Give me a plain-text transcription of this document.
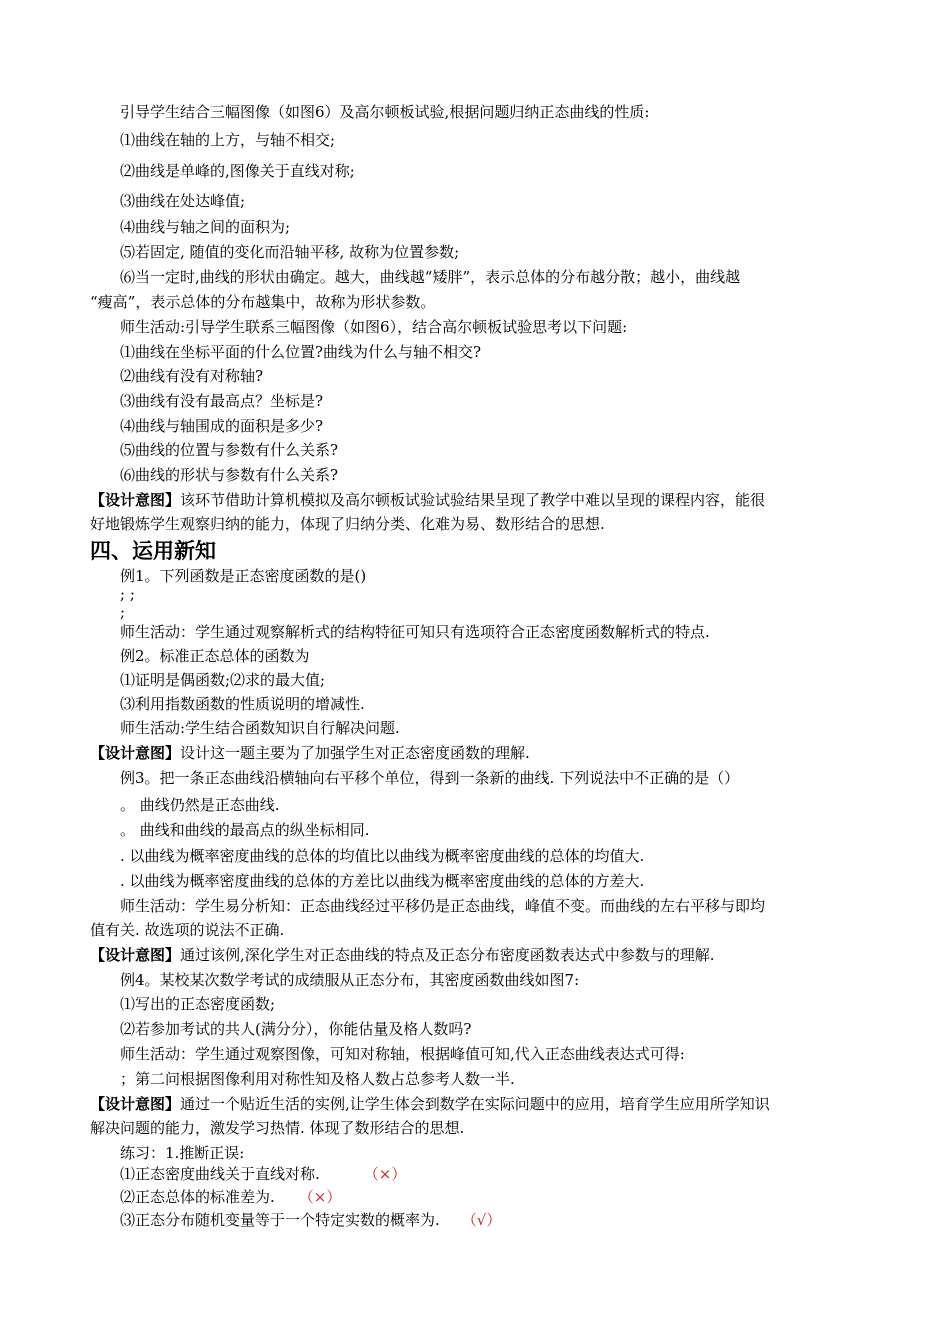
引导学生结合三幅图像（如图6）及高尔顿板试验,根据问题归纳正态曲线的性质:
⑴曲线在轴的上方，与轴不相交;
⑵曲线是单峰的,图像关于直线对称;
⑶曲线在处达峰值;
⑷曲线与轴之间的面积为;
⑸若固定, 随值的变化而沿轴平移, 故称为位置参数;
⑹当一定时,曲线的形状由确定。越大，曲线越“矮胖”，表示总体的分布越分散；越小，曲线越
“瘦高”，表示总体的分布越集中，故称为形状参数。
师生活动:引导学生联系三幅图像（如图6），结合高尔顿板试验思考以下问题:
⑴曲线在坐标平面的什么位置?曲线为什么与轴不相交?
⑵曲线有没有对称轴?
⑶曲线有没有最高点？坐标是?
⑷曲线与轴围成的面积是多少?
⑸曲线的位置与参数有什么关系?
⑹曲线的形状与参数有什么关系?
【设计意图】该环节借助计算机模拟及高尔顿板试验试验结果呈现了教学中难以呈现的课程内容，能很
好地锻炼学生观察归纳的能力，体现了归纳分类、化难为易、数形结合的思想.
四、运用新知
例1。下列函数是正态密度函数的是()
; ;
;
师生活动：学生通过观察解析式的结构特征可知只有选项符合正态密度函数解析式的特点.
例2。标准正态总体的函数为
⑴证明是偶函数;⑵求的最大值;
⑶利用指数函数的性质说明的增减性.
师生活动:学生结合函数知识自行解决问题.
【设计意图】设计这一题主要为了加强学生对正态密度函数的理解.
例3。把一条正态曲线沿横轴向右平移个单位，得到一条新的曲线. 下列说法中不正确的是（）
。 曲线仍然是正态曲线.
。 曲线和曲线的最高点的纵坐标相同.
. 以曲线为概率密度曲线的总体的均值比以曲线为概率密度曲线的总体的均值大.
. 以曲线为概率密度曲线的总体的方差比以曲线为概率密度曲线的总体的方差大.
师生活动：学生易分析知：正态曲线经过平移仍是正态曲线，峰值不变。而曲线的左右平移与即均
值有关. 故选项的说法不正确.
【设计意图】通过该例,深化学生对正态曲线的特点及正态分布密度函数表达式中参数与的理解.
例4。某校某次数学考试的成绩服从正态分布，其密度函数曲线如图7:
⑴写出的正态密度函数;
⑵若参加考试的共人(满分分），你能估量及格人数吗?
师生活动：学生通过观察图像，可知对称轴，根据峰值可知,代入正态曲线表达式可得:
；第二问根据图像利用对称性知及格人数占总参考人数一半.
【设计意图】通过一个贴近生活的实例,让学生体会到数学在实际问题中的应用，培育学生应用所学知识
解决问题的能力，激发学习热情. 体现了数形结合的思想.
练习：1.推断正误:
⑴正态密度曲线关于直线对称.	（×）
⑵正态总体的标准差为. （×）
⑶正态分布随机变量等于一个特定实数的概率为. （√）
